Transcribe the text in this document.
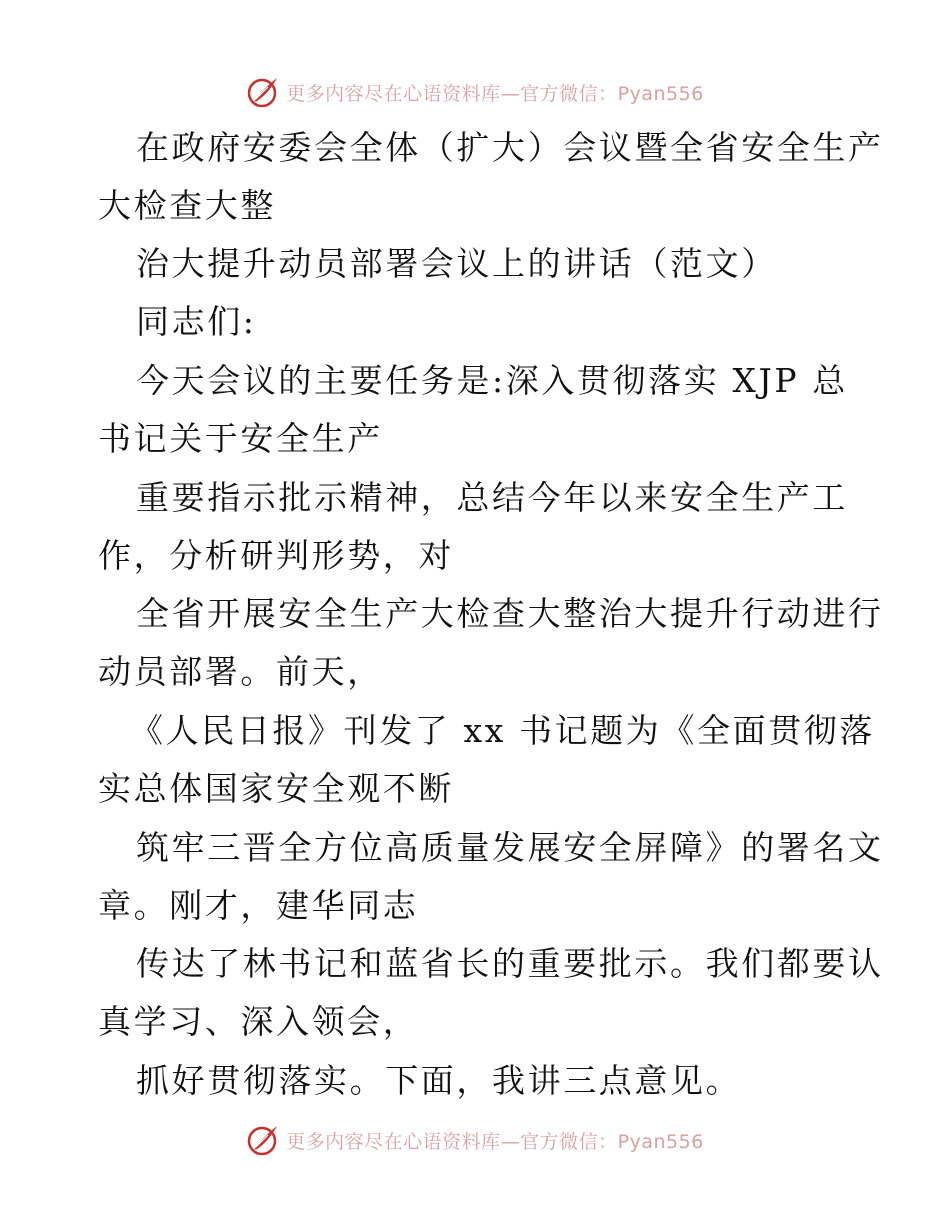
更多内容尽在心语资料库—官方微信：Pyan556
在政府安委会全体（扩大）会议暨全省安全生产
大检查大整
治大提升动员部署会议上的讲话（范文）
同志们:
今天会议的主要任务是:深入贯彻落实 XJP 总
书记关于安全生产
重要指示批示精神，总结今年以来安全生产工
作，分析研判形势，对
全省开展安全生产大检查大整治大提升行动进行
动员部署。前天，
《人民日报》刊发了 xx 书记题为《全面贯彻落
实总体国家安全观不断
筑牢三晋全方位高质量发展安全屏障》的署名文
章。刚才，建华同志
传达了林书记和蓝省长的重要批示。我们都要认
真学习、深入领会，
抓好贯彻落实。下面，我讲三点意见。
更多内容尽在心语资料库—官方微信：Pyan556
